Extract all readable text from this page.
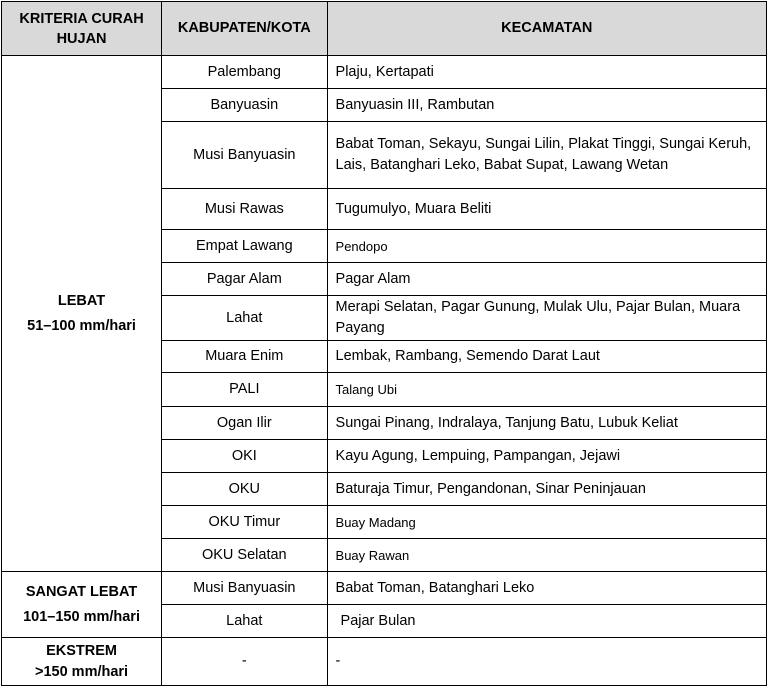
KRITERIA CURAH HUJAN	KABUPATEN/KOTA	KECAMATAN

LEBAT
51–100 mm/hari	Palembang	Plaju, Kertapati
	Banyuasin	Banyuasin III, Rambutan
	Musi Banyuasin	Babat Toman, Sekayu, Sungai Lilin, Plakat Tinggi, Sungai Keruh, Lais, Batanghari Leko, Babat Supat, Lawang Wetan
	Musi Rawas	Tugumulyo, Muara Beliti
	Empat Lawang	Pendopo
	Pagar Alam	Pagar Alam
	Lahat	Merapi Selatan, Pagar Gunung, Mulak Ulu, Pajar Bulan, Muara Payang
	Muara Enim	Lembak, Rambang, Semendo Darat Laut
	PALI	Talang Ubi
	Ogan Ilir	Sungai Pinang, Indralaya, Tanjung Batu, Lubuk Keliat
	OKI	Kayu Agung, Lempuing, Pampangan, Jejawi
	OKU	Baturaja Timur, Pengandonan, Sinar Peninjauan
	OKU Timur	Buay Madang
	OKU Selatan	Buay Rawan

SANGAT LEBAT
101–150 mm/hari	Musi Banyuasin	Babat Toman, Batanghari Leko
	Lahat	Pajar Bulan

EKSTREM
>150 mm/hari	-	-
